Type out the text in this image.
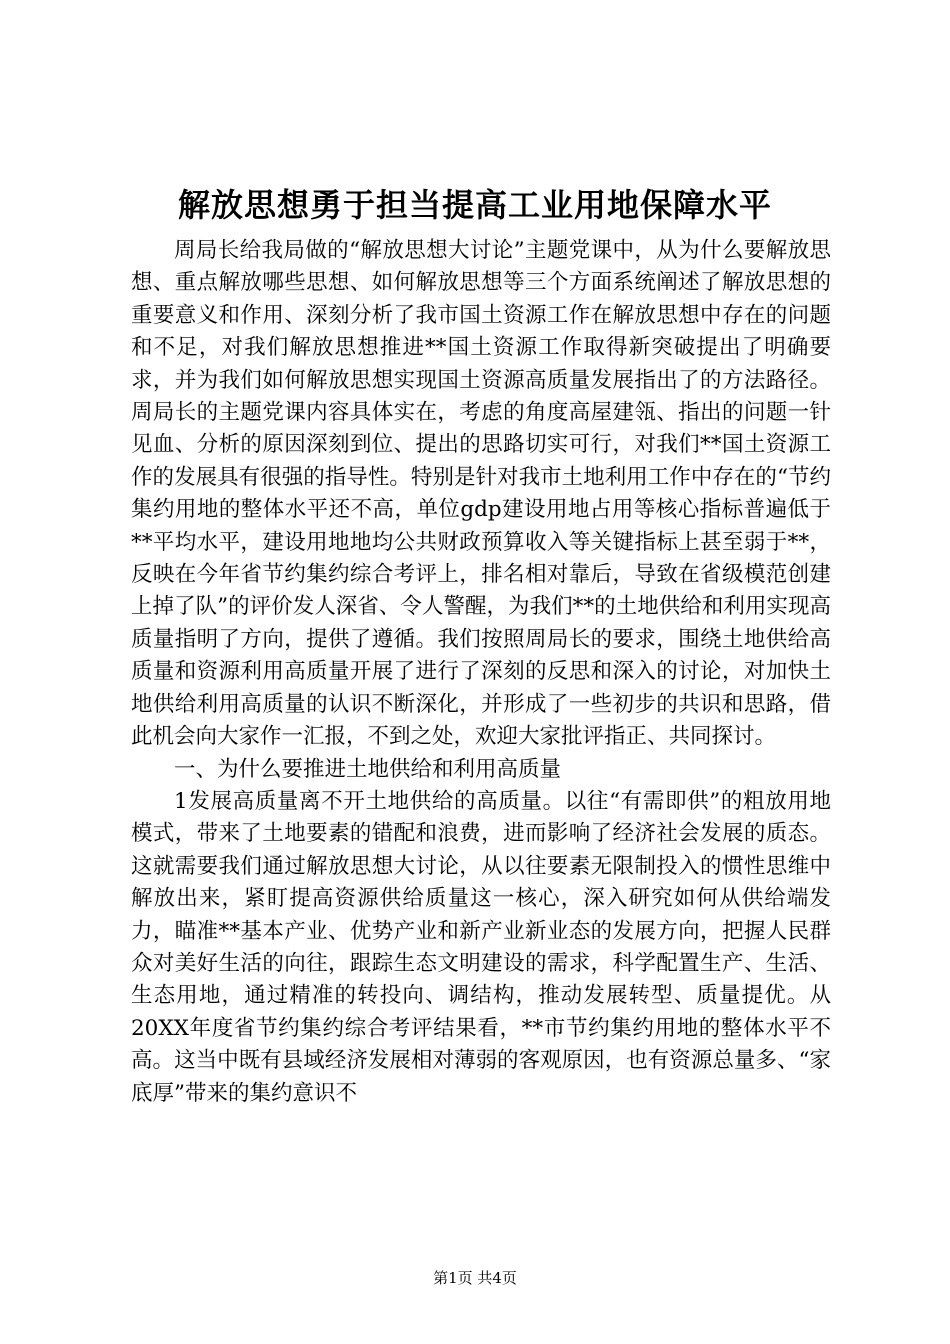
解放思想勇于担当提高工业用地保障水平

周局长给我局做的“解放思想大讨论”主题党课中，从为什么要解放思想、重点解放哪些思想、如何解放思想等三个方面系统阐述了解放思想的重要意义和作用、深刻分析了我市国土资源工作在解放思想中存在的问题和不足，对我们解放思想推进**国土资源工作取得新突破提出了明确要求，并为我们如何解放思想实现国土资源高质量发展指出了的方法路径。周局长的主题党课内容具体实在，考虑的角度高屋建瓴、指出的问题一针见血、分析的原因深刻到位、提出的思路切实可行，对我们**国土资源工作的发展具有很强的指导性。特别是针对我市土地利用工作中存在的“节约集约用地的整体水平还不高，单位gdp建设用地占用等核心指标普遍低于**平均水平，建设用地地均公共财政预算收入等关键指标上甚至弱于**，反映在今年省节约集约综合考评上，排名相对靠后，导致在省级模范创建上掉了队”的评价发人深省、令人警醒，为我们**的土地供给和利用实现高质量指明了方向，提供了遵循。我们按照周局长的要求，围绕土地供给高质量和资源利用高质量开展了进行了深刻的反思和深入的讨论，对加快土地供给利用高质量的认识不断深化，并形成了一些初步的共识和思路，借此机会向大家作一汇报，不到之处，欢迎大家批评指正、共同探讨。

一、为什么要推进土地供给和利用高质量

1发展高质量离不开土地供给的高质量。以往“有需即供”的粗放用地模式，带来了土地要素的错配和浪费，进而影响了经济社会发展的质态。这就需要我们通过解放思想大讨论，从以往要素无限制投入的惯性思维中解放出来，紧盯提高资源供给质量这一核心，深入研究如何从供给端发力，瞄准**基本产业、优势产业和新产业新业态的发展方向，把握人民群众对美好生活的向往，跟踪生态文明建设的需求，科学配置生产、生活、生态用地，通过精准的转投向、调结构，推动发展转型、质量提优。从20XX年度省节约集约综合考评结果看，**市节约集约用地的整体水平不高。这当中既有县域经济发展相对薄弱的客观原因，也有资源总量多、“家底厚”带来的集约意识不

第1页 共4页
